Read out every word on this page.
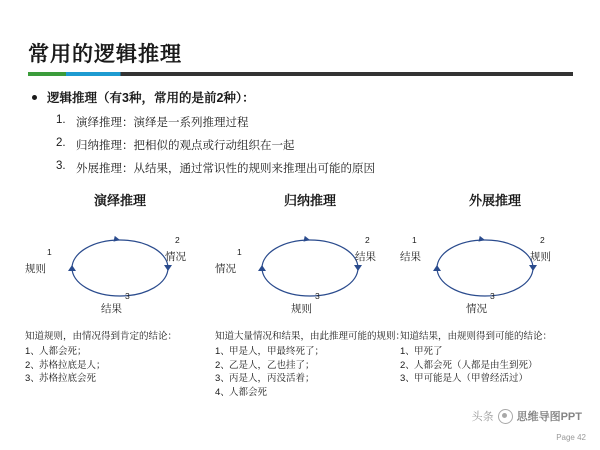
常用的逻辑推理
逻辑推理（有3种，常用的是前2种）：
1. 演绎推理：演绎是一系列推理过程
2. 归纳推理：把相似的观点或行动组织在一起
3. 外展推理：从结果，通过常识性的规则来推理出可能的原因
演绎推理
规则
1	情况
2
结果
3
知道规则，由情况得到肯定的结论：
1、 人都会死；
2、 苏格拉底是人；
3、 苏格拉底会死
归纳推理
情况
1	结果
2
规则
3
知道大量情况和结果，由此推理可能的规则：
1、 甲是人，甲最终死了；
2、 乙是人，乙也挂了；
3、 丙是人，丙没活着；
4、 人都会死
外展推理
结果
1
规则
2
情况
3
知道结果，由规则得到可能的结论：
1、 甲死了
2、 人都会死（人都是由生到死）
3、 甲可能是人（甲曾经活过）
头条 思维导图PPT
Page 42
